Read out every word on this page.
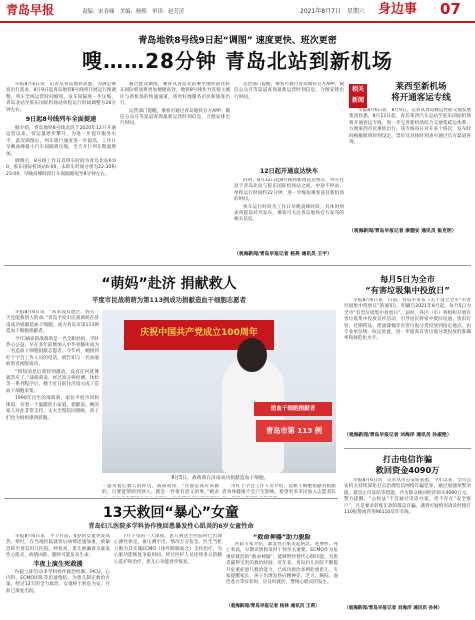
青岛早报	责编：宋春娣　美编：杨熙　审读：赵芳沂	2021年8月7日　星期六 身边事 07
青岛地铁8号线9日起“调图” 速度更快、班次更密
嗖……28分钟 青岛北站到新机场

早报8月6日讯　记者从青岛地铁获悉，为满足乘客出行需求，8月9日起青岛地铁8号线将开展运行图调整，列车全线运营时间缩短，发车间隔进一步压缩，青岛北站至胶东国际机场站单程运行时间调整为28分钟左右。

9日起8号线列车全面提速

据介绍，青岛地铁8号线北段于2020年12月开通运营以来，客运量逐步攀升，为进一步提升服务水平，此次调图后，列车旅行速度进一步提高，工作日早晚高峰最小行车间隔将压缩，全天开行列车数量增加。

调图后，8号线工作日首班车时间为青岛北站6:00、胶东国际机场站6:00，末班车时间分别为22:30和23:00，早晚高峰时段行车间隔缩短至8分钟左右。

通过此次调图，乘客从青岛北站乘坐地铁前往胶东国际机场将更加便捷高效，地铁8号线作为连接主城区与新机场的快速通道，将更好地服务市民和旅客出行。

运营部门提醒，乘客可通过青岛地铁官方APP、微信公众号等渠道查询最新运营时刻信息，合理安排出行时间。

运营部门提醒，乘客可通过青岛地铁官方APP、微信公众号等渠道查询最新运营时刻信息，合理安排出行时间。

12日起开通直达快车

同时，8月12日起8号线将新增直达快车，列车往返于青岛北站与胶东国际机场站之间，中途不停站，单程运行时间约22分钟，进一步缩短乘客前往新机场的时间。

快车运行时段为工作日早晚高峰时段，具体时刻表将提前对外发布，乘客可关注青岛地铁官方发布的相关信息。

（观海新闻/青岛早报记者 杨亮 通讯员 王宇）
相关
新闻
莱西至新机场
将开通客运专线
早报8月6日讯　8月9日，记者从青岛城运控股交通发展集团获悉，8月12日起，青岛莱西汽车总站至胶东国际机场将开通客运专线，进一步完善新机场综合交通集疏运体系，方便莱西市民乘机出行。该专线每日对开多个班次，发车时间根据航班时刻设定，票价及具体时刻表可通过官方渠道查询。
（观海新闻/青岛早报记者 康德安 通讯员 崔克明）
“萌妈”赴济 捐献救人
平度市民战萌萌为第113例成功捐献造血干细胞志愿者

早报8月6日讯　“从来没有想过，我有一天也能救别人的命。”青岛平度市民战萌萌在济南成功捐献造血干细胞，成为青岛市第113例造血干细胞捐献者。

今年36岁的战萌萌是一名全职妈妈，平时热心公益，早在多年前便加入中华骨髓库成为一名造血干细胞捐献志愿者。今年初，她接到红十字会工作人员的电话，被告知与一名血液病患者初配成功。

“得知消息后我特别激动，没有任何犹豫就答应了。”战萌萌说，经过高分辨检测、体检等一系列程序后，她于近日前往济南完成了造血干细胞采集。

1990年出生的战萌萌，家住平度市同和街道，有着一个温暖的小家庭。捐献前，她的家人对此非常支持，丈夫全程陪同照顾，孩子们也为妈妈感到骄傲。

庆祝中国共产党成立100周年
造血干细胞捐献者
青岛市第 113 例
8月5日，战萌萌在济南成功捐献造血干细胞。
一提及爱心救人的经历，战萌萌说：“这都是我应该做的，只要能帮助到别人，就是一件很有意义的事。”她表

市红十字会工作人员介绍，造血干细胞捐献对捐献者身体健康不会产生影响。希望更多市民加入志愿者队

每月5日为全市
“有害垃圾集中投放日”
早报8月6日讯　日前，青岛市发布《关于设立全市“有害垃圾集中投放日”的通知》，明确自2021年8月起，每月5日为全市“有害垃圾集中投放日”。届时，各区（市）将组织开展有害垃圾集中投放宣传活动，引导居民将家中废旧电池、废旧灯管、过期药品、废油漆桶等有害垃圾分类投放到指定地点，由专业单位统一收运处置，进一步提高有害垃圾分类投放的准确率和规范化水平。
（观海新闻/青岛早报记者 刘海洋 通讯员 孙淑艳）
打击电信诈骗
救回资金4090万
早报8月6日讯　记者从市公安局获悉，今年以来，全市公安机关持续深化打击治理电信网络诈骗犯罪，通过加强预警劝阻、紧急止付冻结等措施，共为群众挽回经济损失4090万元。警方提醒，“公检法”不会通过电话办案，更不存在“安全账户”，凡是要求转账汇款的都是诈骗，遇到可疑情况请及时拨打110报警或咨询96110反诈专线。
（观海新闻/青岛早报记者 刘海洋 通讯员 孙林）
13天救回“暴心”女童
青岛妇儿医院多学科协作挽回患暴发性心肌炎的6岁女童性命

早报8月6日讯　半个月前，6岁的女童突发高热、呕吐，在当地医院就诊后病情迅速加重，被紧急转至青岛妇儿医院。经检查，患儿被确诊为暴发性心肌炎，病情凶险，随时可能危及生命。

半夜上演生死救援

医院立即启动多学科协作救治机制，PICU、心内科、ECMO团队等迅速集结，为患儿制定救治方案。经过13天的全力救治，女童终于转危为安，目前已康复出院。

7月下旬的一天深夜，患儿被送至医院时已出现心源性休克，血压测不出，情况万分危急。医生当机立断为其实施ECMO（体外膜肺氧合）支持治疗，为心脏功能恢复争取时间。经过医护人员连续多日的精心监护和治疗，患儿心功能逐步恢复。

“救命神器”助力脱险
医院专家介绍，暴发性心肌炎起病急、进展快、死亡率高，早期识别和及时干预至关重要。ECMO作为危重症救治的“救命神器”，能够暂时替代心肺功能，为患者赢得宝贵的救治时间。近年来，青岛妇儿医院不断提升危重症患儿救治能力，已成功救治多例危重患儿。专家提醒家长，孩子出现发热后精神差、乏力、胸闷、面色苍白等症状时，应及时就医，警惕心肌炎的发生。
（观海新闻/青岛早报记者 杨林 通讯员 王莉）
